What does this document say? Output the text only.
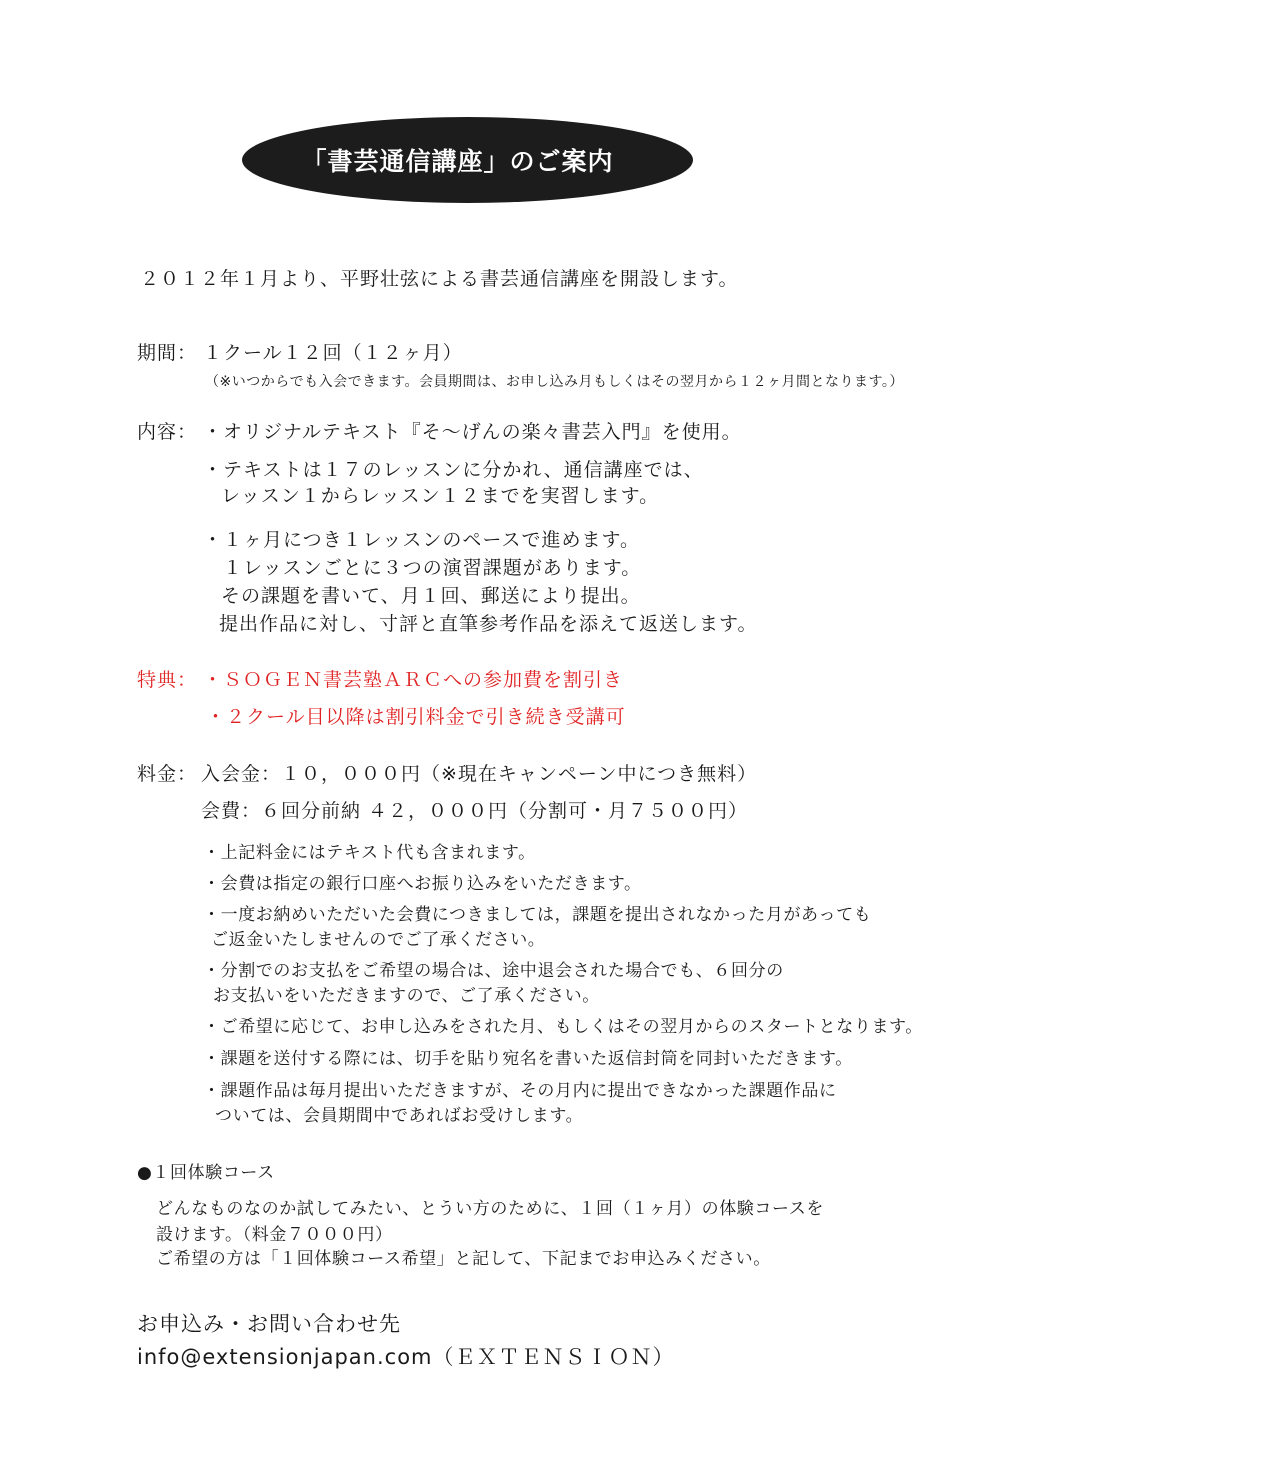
「書芸通信講座」のご案内
２０１２年１月より、平野壮弦による書芸通信講座を開設します。
期間： １クール１２回（１２ヶ月）
（※いつからでも入会できます。会員期間は、お申し込み月もしくはその翌月から１２ヶ月間となります。）
内容： ・オリジナルテキスト『そ〜げんの楽々書芸入門』を使用。
・テキストは１７のレッスンに分かれ、通信講座では、
レッスン１からレッスン１２までを実習します。
・１ヶ月につき１レッスンのペースで進めます。
１レッスンごとに３つの演習課題があります。
その課題を書いて、月１回、郵送により提出。
提出作品に対し、寸評と直筆参考作品を添えて返送します。
特典： ・ＳＯＧＥＮ書芸塾ＡＲＣへの参加費を割引き
・２クール目以降は割引料金で引き続き受講可
料金： 入会金：１０，０００円（※現在キャンペーン中につき無料）
会費：６回分前納 ４２，０００円（分割可・月７５００円）
・上記料金にはテキスト代も含まれます。
・会費は指定の銀行口座へお振り込みをいただきます。
・一度お納めいただいた会費につきましては，課題を提出されなかった月があっても
ご返金いたしませんのでご了承ください。
・分割でのお支払をご希望の場合は、途中退会された場合でも、６回分の
お支払いをいただきますので、ご了承ください。
・ご希望に応じて、お申し込みをされた月、もしくはその翌月からのスタートとなります。
・課題を送付する際には、切手を貼り宛名を書いた返信封筒を同封いただきます。
・課題作品は毎月提出いただきますが、その月内に提出できなかった課題作品に
ついては、会員期間中であればお受けします。
●１回体験コース
どんなものなのか試してみたい、とうい方のために、１回（１ヶ月）の体験コースを
設けます。（料金７０００円）
ご希望の方は「１回体験コース希望」と記して、下記までお申込みください。
お申込み・お問い合わせ先
info@extensionjapan.com（ＥＸＴＥＮＳＩＯＮ）
